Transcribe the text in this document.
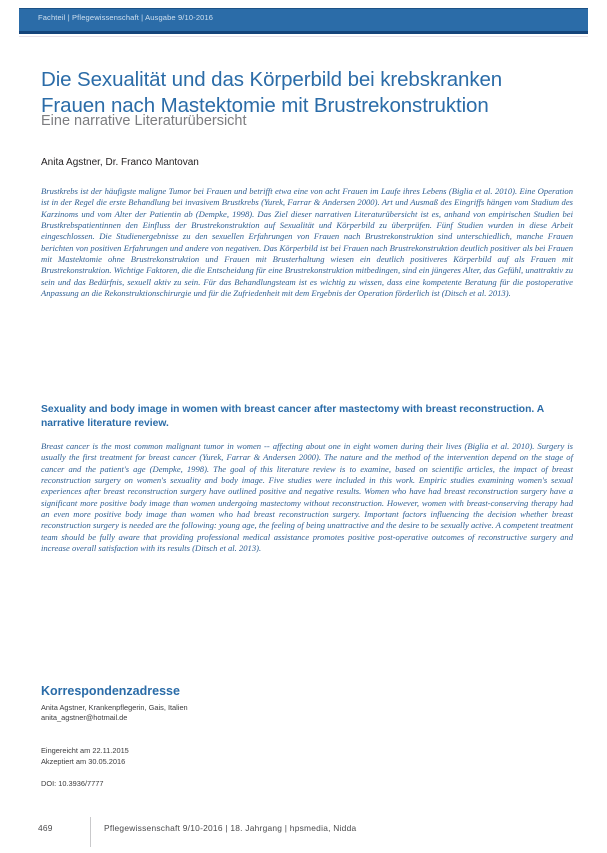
Fachteil | Pflegewissenschaft | Ausgabe 9/10-2016
Die Sexualität und das Körperbild bei krebskranken Frauen nach Mastektomie mit Brustrekonstruktion
Eine narrative Literaturübersicht
Anita Agstner, Dr. Franco Mantovan
Brustkrebs ist der häufigste maligne Tumor bei Frauen und betrifft etwa eine von acht Frauen im Laufe ihres Lebens (Biglia et al. 2010). Eine Operation ist in der Regel die erste Behandlung bei invasivem Brustkrebs (Yurek, Farrar & Andersen 2000). Art und Ausmaß des Eingriffs hängen vom Stadium des Karzinoms und vom Alter der Patientin ab (Dempke, 1998). Das Ziel dieser narrativen Literaturübersicht ist es, anhand von empirischen Studien bei Brustkrebspatientinnen den Einfluss der Brustrekonstruktion auf Sexualität und Körperbild zu überprüfen. Fünf Studien wurden in diese Arbeit eingeschlossen. Die Studienergebnisse zu den sexuellen Erfahrungen von Frauen nach Brustrekonstruktion sind unterschiedlich, manche Frauen berichten von positiven Erfahrungen und andere von negativen. Das Körperbild ist bei Frauen nach Brustrekonstruktion deutlich positiver als bei Frauen mit Mastektomie ohne Brustrekonstruktion und Frauen mit Brusterhaltung wiesen ein deutlich positiveres Körperbild auf als Frauen mit Brustrekonstruktion. Wichtige Faktoren, die die Entscheidung für eine Brustrekonstruktion mitbedingen, sind ein jüngeres Alter, das Gefühl, unattraktiv zu sein und das Bedürfnis, sexuell aktiv zu sein. Für das Behandlungsteam ist es wichtig zu wissen, dass eine kompetente Beratung für die postoperative Anpassung an die Rekonstruktionschirurgie und für die Zufriedenheit mit dem Ergebnis der Operation förderlich ist (Ditsch et al. 2013).
Sexuality and body image in women with breast cancer after mastectomy with breast reconstruction. A narrative literature review.
Breast cancer is the most common malignant tumor in women -- affecting about one in eight women during their lives (Biglia et al. 2010). Surgery is usually the first treatment for breast cancer (Yurek, Farrar & Andersen 2000). The nature and the method of the intervention depend on the stage of cancer and the patient's age (Dempke, 1998). The goal of this literature review is to examine, based on scientific articles, the impact of breast reconstruction surgery on women's sexuality and body image. Five studies were included in this work. Empiric studies examining women's sexual experiences after breast reconstruction surgery have outlined positive and negative results. Women who have had breast reconstruction surgery have a significant more positive body image than women undergoing mastectomy without reconstruction. However, women with breast-conserving therapy had an even more positive body image than women who had breast reconstruction surgery. Important factors influencing the decision whether breast reconstruction surgery is needed are the following: young age, the feeling of being unattractive and the desire to be sexually active. A competent treatment team should be fully aware that providing professional medical assistance promotes positive post-operative outcomes of reconstructive surgery and increase overall satisfaction with its results (Ditsch et al. 2013).
Korrespondenzadresse
Anita Agstner, Krankenpflegerin, Gais, Italien
anita_agstner@hotmail.de
Eingereicht am 22.11.2015
Akzeptiert am 30.05.2016
DOI: 10.3936/7777
469	Pflegewissenschaft 9/10-2016 | 18. Jahrgang | hpsmedia, Nidda
